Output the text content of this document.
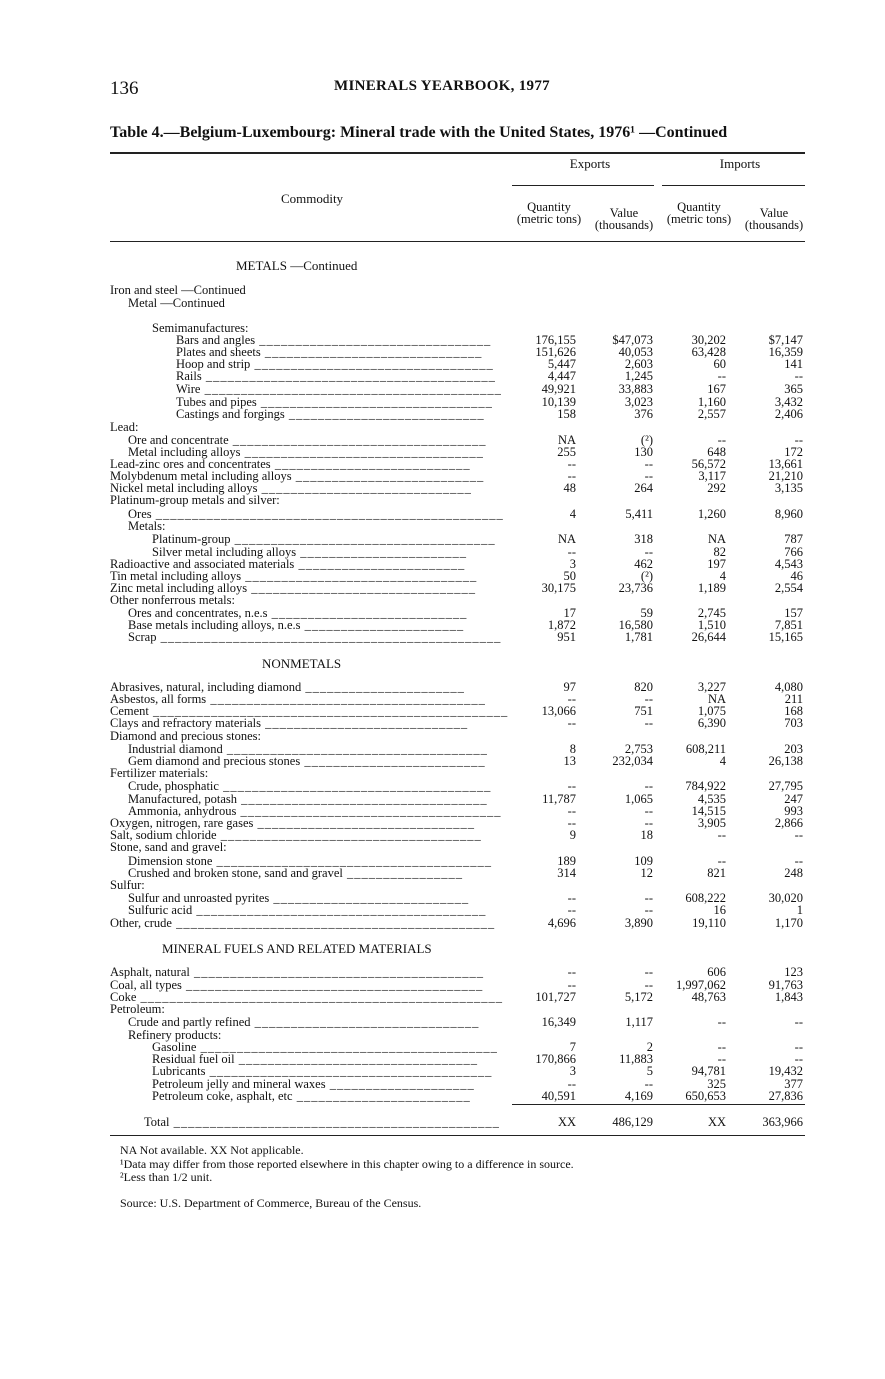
136	MINERALS YEARBOOK, 1977
Table 4.—Belgium-Luxembourg: Mineral trade with the United States, 1976¹ —Continued
Exports	Imports
Commodity
Quantity (metric tons)	Value (thousands)
Quantity (metric tons)	Value (thousands)
METALS —Continued
Iron and steel —Continued
Metal —Continued
Semimanufactures:
Bars and angles ________________________________	176,155	$47,073	30,202	$7,147
Plates and sheets ______________________________	151,626	40,053	63,428	16,359
Hoop and strip _________________________________	5,447	2,603	60	141
Rails ________________________________________	4,447	1,245	--	--
Wire _________________________________________	49,921	33,883	167	365
Tubes and pipes ________________________________	10,139	3,023	1,160	3,432
Castings and forgings ___________________________	158	376	2,557	2,406
Lead:
Ore and concentrate ___________________________________	NA	(²)	--	--
Metal including alloys _________________________________	255	130	648	172
Lead-zinc ores and concentrates ___________________________	--	--	56,572	13,661
Molybdenum metal including alloys __________________________	--	--	3,117	21,210
Nickel metal including alloys _____________________________	48	264	292	3,135
Platinum-group metals and silver:
Ores ________________________________________________	4	5,411	1,260	8,960
Metals:
Platinum-group ____________________________________	NA	318	NA	787
Silver metal including alloys _______________________	--	--	82	766
Radioactive and associated materials _______________________	3	462	197	4,543
Tin metal including alloys ________________________________	50	(²)	4	46
Zinc metal including alloys _______________________________	30,175	23,736	1,189	2,554
Other nonferrous metals:
Ores and concentrates, n.e.s ___________________________	17	59	2,745	157
Base metals including alloys, n.e.s ______________________	1,872	16,580	1,510	7,851
Scrap _______________________________________________	951	1,781	26,644	15,165
NONMETALS
Abrasives, natural, including diamond ______________________	97	820	3,227	4,080
Asbestos, all forms ______________________________________	--	--	NA	211
Cement _________________________________________________	13,066	751	1,075	168
Clays and refractory materials ____________________________	--	--	6,390	703
Diamond and precious stones:
Industrial diamond ____________________________________	8	2,753	608,211	203
Gem diamond and precious stones _________________________	13	232,034	4	26,138
Fertilizer materials:
Crude, phosphatic _____________________________________	--	--	784,922	27,795
Manufactured, potash __________________________________	11,787	1,065	4,535	247
Ammonia, anhydrous ____________________________________	--	--	14,515	993
Oxygen, nitrogen, rare gases ______________________________	--	--	3,905	2,866
Salt, sodium chloride ____________________________________	9	18	--	--
Stone, sand and gravel:
Dimension stone ______________________________________	189	109	--	--
Crushed and broken stone, sand and gravel ________________	314	12	821	248
Sulfur:
Sulfur and unroasted pyrites ___________________________	--	--	608,222	30,020
Sulfuric acid ________________________________________	--	--	16	1
Other, crude ____________________________________________	4,696	3,890	19,110	1,170
MINERAL FUELS AND RELATED MATERIALS
Asphalt, natural ________________________________________	--	--	606	123
Coal, all types _________________________________________	--	-- 1,997,062	91,763
Coke __________________________________________________	101,727	5,172	48,763	1,843
Petroleum:
Crude and partly refined _______________________________	16,349	1,117	--	--
Refinery products:
Gasoline _________________________________________	7	2	--	--
Residual fuel oil _________________________________	170,866	11,883	--	--
Lubricants _______________________________________	3	5	94,781	19,432
Petroleum jelly and mineral waxes ____________________	--	--	325	377
Petroleum coke, asphalt, etc ________________________	40,591	4,169	650,653	27,836
Total _____________________________________________	XX	486,129	XX	363,966
NA Not available. XX Not applicable.
¹Data may differ from those reported elsewhere in this chapter owing to a difference in source.
²Less than 1/2 unit.
Source: U.S. Department of Commerce, Bureau of the Census.
